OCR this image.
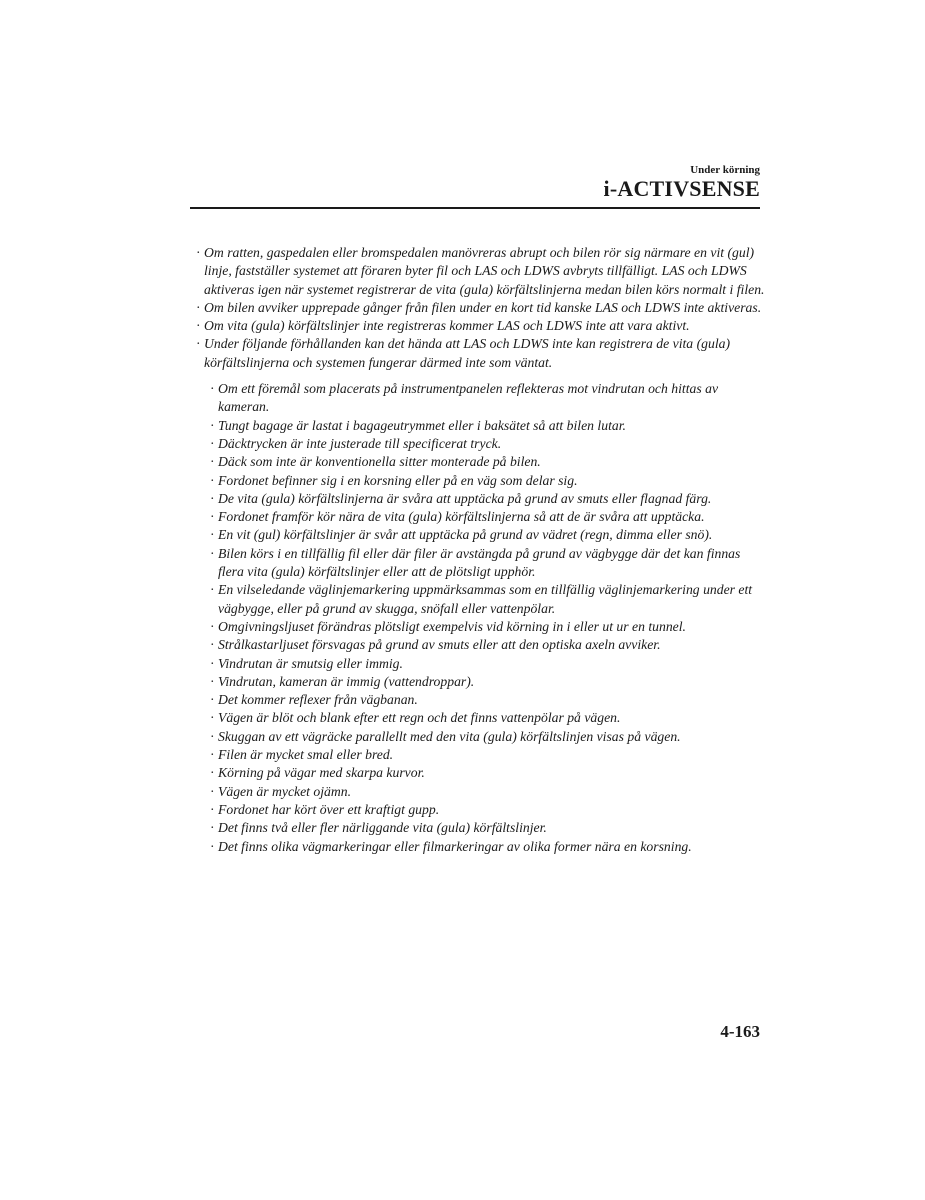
Under körning
i-ACTIVSENSE
· Om ratten, gaspedalen eller bromspedalen manövreras abrupt och bilen rör sig närmare en vit (gul) linje, fastställer systemet att föraren byter fil och LAS och LDWS avbryts tillfälligt. LAS och LDWS aktiveras igen när systemet registrerar de vita (gula) körfältslinjerna medan bilen körs normalt i filen.
· Om bilen avviker upprepade gånger från filen under en kort tid kanske LAS och LDWS inte aktiveras.
· Om vita (gula) körfältslinjer inte registreras kommer LAS och LDWS inte att vara aktivt.
· Under följande förhållanden kan det hända att LAS och LDWS inte kan registrera de vita (gula) körfältslinjerna och systemen fungerar därmed inte som väntat.
· Om ett föremål som placerats på instrumentpanelen reflekteras mot vindrutan och hittas av kameran.
· Tungt bagage är lastat i bagageutrymmet eller i baksätet så att bilen lutar.
· Däcktrycken är inte justerade till specificerat tryck.
· Däck som inte är konventionella sitter monterade på bilen.
· Fordonet befinner sig i en korsning eller på en väg som delar sig.
· De vita (gula) körfältslinjerna är svåra att upptäcka på grund av smuts eller flagnad färg.
· Fordonet framför kör nära de vita (gula) körfältslinjerna så att de är svåra att upptäcka.
· En vit (gul) körfältslinjer är svår att upptäcka på grund av vädret (regn, dimma eller snö).
· Bilen körs i en tillfällig fil eller där filer är avstängda på grund av vägbygge där det kan finnas flera vita (gula) körfältslinjer eller att de plötsligt upphör.
· En vilseledande väglinjemarkering uppmärksammas som en tillfällig väglinjemarkering under ett vägbygge, eller på grund av skugga, snöfall eller vattenpölar.
· Omgivningsljuset förändras plötsligt exempelvis vid körning in i eller ut ur en tunnel.
· Strålkastarljuset försvagas på grund av smuts eller att den optiska axeln avviker.
· Vindrutan är smutsig eller immig.
· Vindrutan, kameran är immig (vattendroppar).
· Det kommer reflexer från vägbanan.
· Vägen är blöt och blank efter ett regn och det finns vattenpölar på vägen.
· Skuggan av ett vägräcke parallellt med den vita (gula) körfältslinjen visas på vägen.
· Filen är mycket smal eller bred.
· Körning på vägar med skarpa kurvor.
· Vägen är mycket ojämn.
· Fordonet har kört över ett kraftigt gupp.
· Det finns två eller fler närliggande vita (gula) körfältslinjer.
· Det finns olika vägmarkeringar eller filmarkeringar av olika former nära en korsning.
4-163
